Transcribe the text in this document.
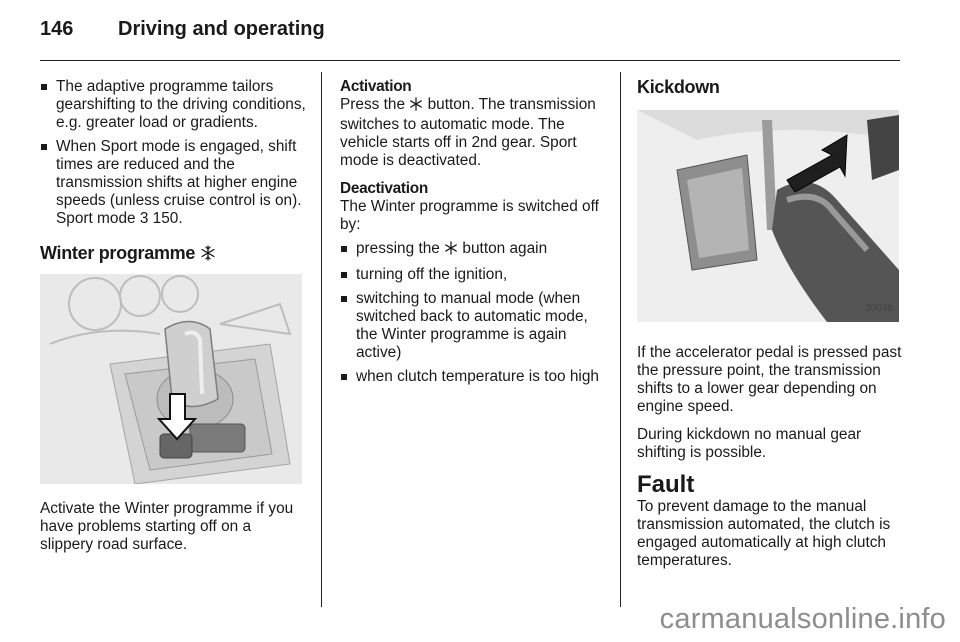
146	Driving and operating
The adaptive programme tailors gearshifting to the driving conditions, e.g. greater load or gradients.
When Sport mode is engaged, shift times are reduced and the transmission shifts at higher engine speeds (unless cruise control is on). Sport mode 3 150.
Winter programme

Activate the Winter programme if you have problems starting off on a slippery road surface.

Activation

Press the button. The transmission switches to automatic mode. The vehicle starts off in 2nd gear. Sport mode is deactivated.

Deactivation

The Winter programme is switched off by:

pressing the button again
turning off the ignition,
switching to manual mode (when switched back to automatic mode, the Winter programme is again active)
when clutch temperature is too high
Kickdown
30048

If the accelerator pedal is pressed past the pressure point, the transmission shifts to a lower gear depending on engine speed.

During kickdown no manual gear shifting is possible.

Fault

To prevent damage to the manual transmission automated, the clutch is engaged automatically at high clutch temperatures.

carmanualsonline.info
